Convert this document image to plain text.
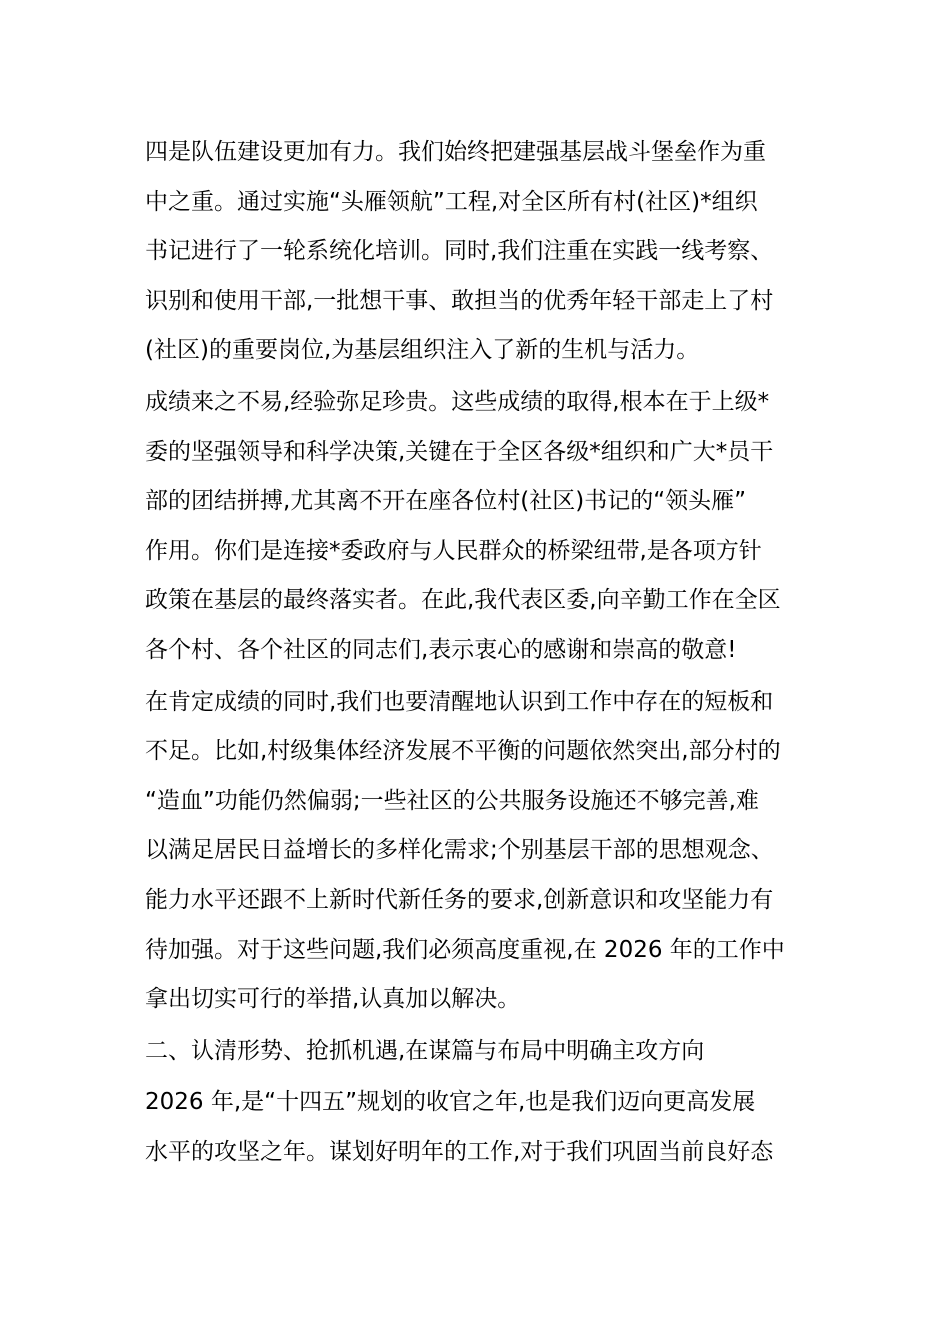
四是队伍建设更加有力。我们始终把建强基层战斗堡垒作为重
中之重。通过实施“头雁领航”工程,对全区所有村(社区)*组织
书记进行了一轮系统化培训。同时,我们注重在实践一线考察、
识别和使用干部,一批想干事、敢担当的优秀年轻干部走上了村
(社区)的重要岗位,为基层组织注入了新的生机与活力。
成绩来之不易,经验弥足珍贵。这些成绩的取得,根本在于上级*
委的坚强领导和科学决策,关键在于全区各级*组织和广大*员干
部的团结拼搏,尤其离不开在座各位村(社区)书记的“领头雁”
作用。你们是连接*委政府与人民群众的桥梁纽带,是各项方针
政策在基层的最终落实者。在此,我代表区委,向辛勤工作在全区
各个村、各个社区的同志们,表示衷心的感谢和崇高的敬意!
在肯定成绩的同时,我们也要清醒地认识到工作中存在的短板和
不足。比如,村级集体经济发展不平衡的问题依然突出,部分村的
“造血”功能仍然偏弱;一些社区的公共服务设施还不够完善,难
以满足居民日益增长的多样化需求;个别基层干部的思想观念、
能力水平还跟不上新时代新任务的要求,创新意识和攻坚能力有
待加强。对于这些问题,我们必须高度重视,在 2026 年的工作中
拿出切实可行的举措,认真加以解决。
二、认清形势、抢抓机遇,在谋篇与布局中明确主攻方向
2026 年,是“十四五”规划的收官之年,也是我们迈向更高发展
水平的攻坚之年。谋划好明年的工作,对于我们巩固当前良好态
